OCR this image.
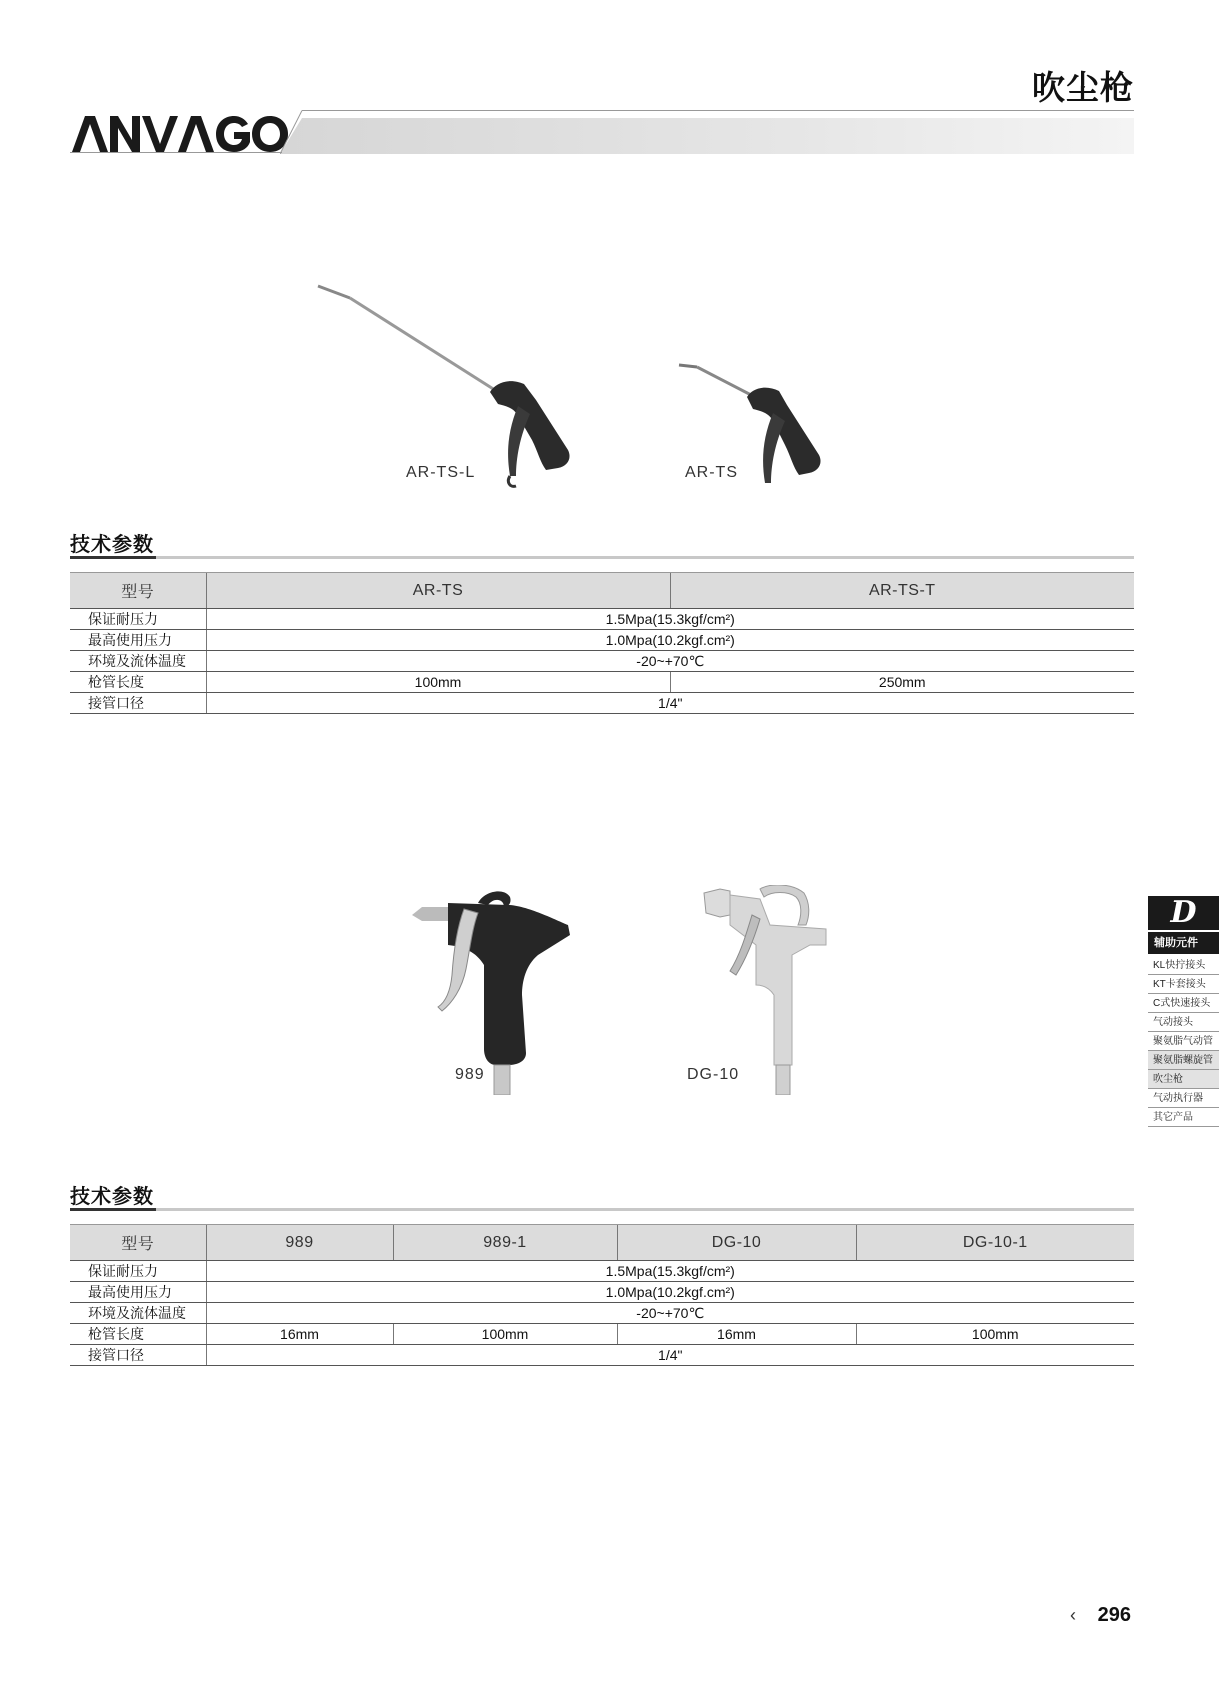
吹尘枪
AR-TS-L	AR-TS
技术参数
型号	AR-TS	AR-TS-T
保证耐压力	1.5Mpa(15.3kgf/cm²)	
最高使用压力	1.0Mpa(10.2kgf.cm²)	
环境及流体温度	-20~+70℃	
枪管长度	100mm	250mm
接管口径	1/4"	
989	DG-10
技术参数
型号	989	989-1	DG-10	DG-10-1
保证耐压力	1.5Mpa(15.3kgf/cm²)			
最高使用压力	1.0Mpa(10.2kgf.cm²)			
环境及流体温度	-20~+70℃			
枪管长度	16mm	100mm	16mm	100mm
接管口径	1/4"			
D
辅助元件
KL快拧接头
KT卡套接头
C式快速接头
气动接头
聚氨脂气动管
聚氨脂螺旋管
吹尘枪
气动执行器
其它产品
‹ 296
